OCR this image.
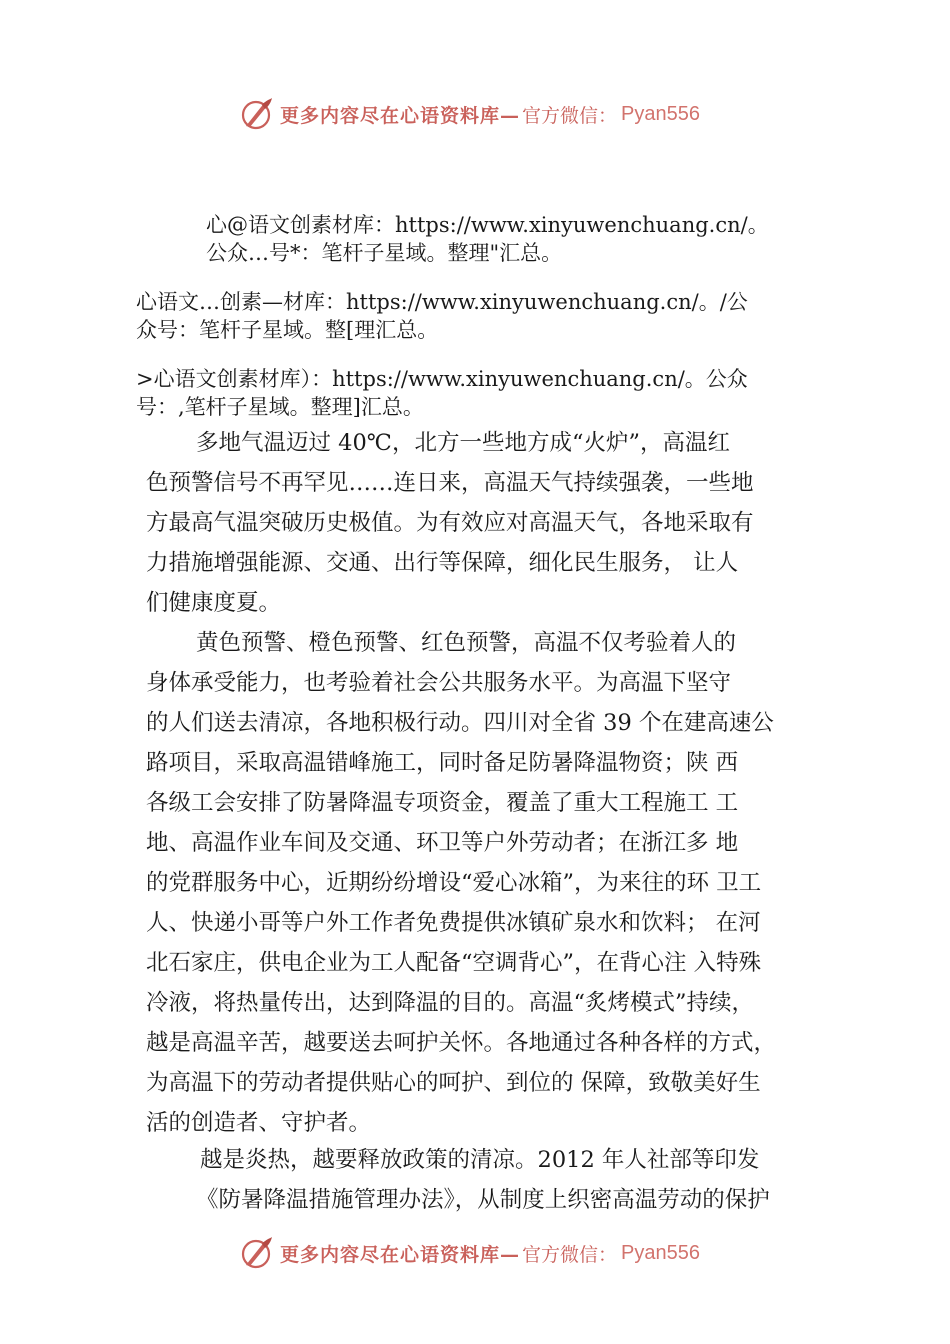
更多内容尽在心语资料库— 官方微信： Pyan556
心@语文创素材库：https://www.xinyuwenchuang.cn/。
公众…号*：笔杆子星域。整理"汇总。
心语文…创素—材库：https://www.xinyuwenchuang.cn/。/公
众号：笔杆子星域。整[理汇总。
>心语文创素材库）：https://www.xinyuwenchuang.cn/。公众
号：,笔杆子星域。整理]汇总。
多地气温迈过 40℃，北方一些地方成“火炉”，高温红
色预警信号不再罕见……连日来，高温天气持续强袭，一些地
方最高气温突破历史极值。为有效应对高温天气，各地采取有
力措施增强能源、交通、出行等保障，细化民生服务， 让人
们健康度夏。
黄色预警、橙色预警、红色预警，高温不仅考验着人的
身体承受能力，也考验着社会公共服务水平。为高温下坚守
的人们送去清凉，各地积极行动。四川对全省 39 个在建高速公
路项目，采取高温错峰施工，同时备足防暑降温物资；陕 西
各级工会安排了防暑降温专项资金，覆盖了重大工程施工 工
地、高温作业车间及交通、环卫等户外劳动者；在浙江多 地
的党群服务中心，近期纷纷增设“爱心冰箱”，为来往的环 卫工
人、快递小哥等户外工作者免费提供冰镇矿泉水和饮料； 在河
北石家庄，供电企业为工人配备“空调背心”，在背心注 入特殊
冷液，将热量传出，达到降温的目的。高温“炙烤模式”持续，
越是高温辛苦，越要送去呵护关怀。各地通过各种各样的方式，
为高温下的劳动者提供贴心的呵护、到位的 保障，致敬美好生
活的创造者、守护者。
越是炎热，越要释放政策的清凉。2012 年人社部等印发
《防暑降温措施管理办法》，从制度上织密高温劳动的保护
更多内容尽在心语资料库— 官方微信： Pyan556
